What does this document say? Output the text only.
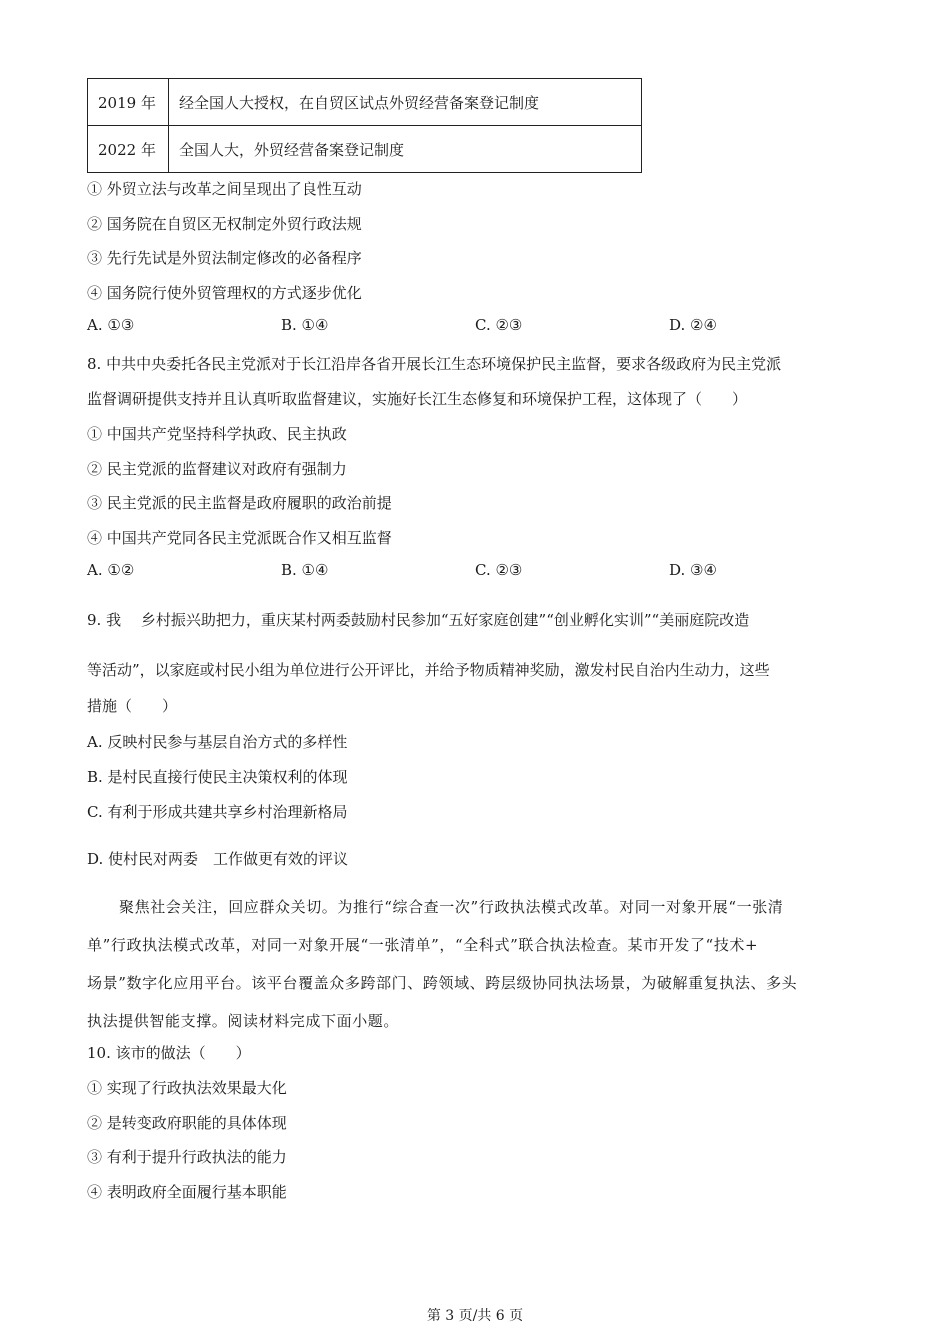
2019 年	经全国人大授权，在自贸区试点外贸经营备案登记制度
2022 年	全国人大，外贸经营备案登记制度
① 外贸立法与改革之间呈现出了良性互动
② 国务院在自贸区无权制定外贸行政法规
③ 先行先试是外贸法制定修改的必备程序
④ 国务院行使外贸管理权的方式逐步优化
A. ①③	B. ①④	C. ②③	D. ②④
8. 中共中央委托各民主党派对于长江沿岸各省开展长江生态环境保护民主监督，要求各级政府为民主党派
监督调研提供支持并且认真听取监督建议，实施好长江生态修复和环境保护工程，这体现了（　　）
① 中国共产党坚持科学执政、民主执政
② 民主党派的监督建议对政府有强制力
③ 民主党派的民主监督是政府履职的政治前提
④ 中国共产党同各民主党派既合作又相互监督
A. ①②	B. ①④	C. ②③	D. ③④
9. 我　 乡村振兴助把力，重庆某村两委鼓励村民参加“五好家庭创建”“创业孵化实训”“美丽庭院改造
等活动”，以家庭或村民小组为单位进行公开评比，并给予物质精神奖励，激发村民自治内生动力，这些
措施（　　）
A. 反映村民参与基层自治方式的多样性
B. 是村民直接行使民主决策权利的体现
C. 有利于形成共建共享乡村治理新格局
D. 使村民对两委　工作做更有效的评议
聚焦社会关注，回应群众关切。为推行“综合查一次”行政执法模式改革。对同一对象开展“一张清
单”行政执法模式改革，对同一对象开展“一张清单”，“全科式”联合执法检查。某市开发了“技术+
场景”数字化应用平台。该平台覆盖众多跨部门、跨领域、跨层级协同执法场景，为破解重复执法、多头
执法提供智能支撑。阅读材料完成下面小题。
10. 该市的做法（　　）
① 实现了行政执法效果最大化
② 是转变政府职能的具体体现
③ 有利于提升行政执法的能力
④ 表明政府全面履行基本职能
第 3 页/共 6 页
